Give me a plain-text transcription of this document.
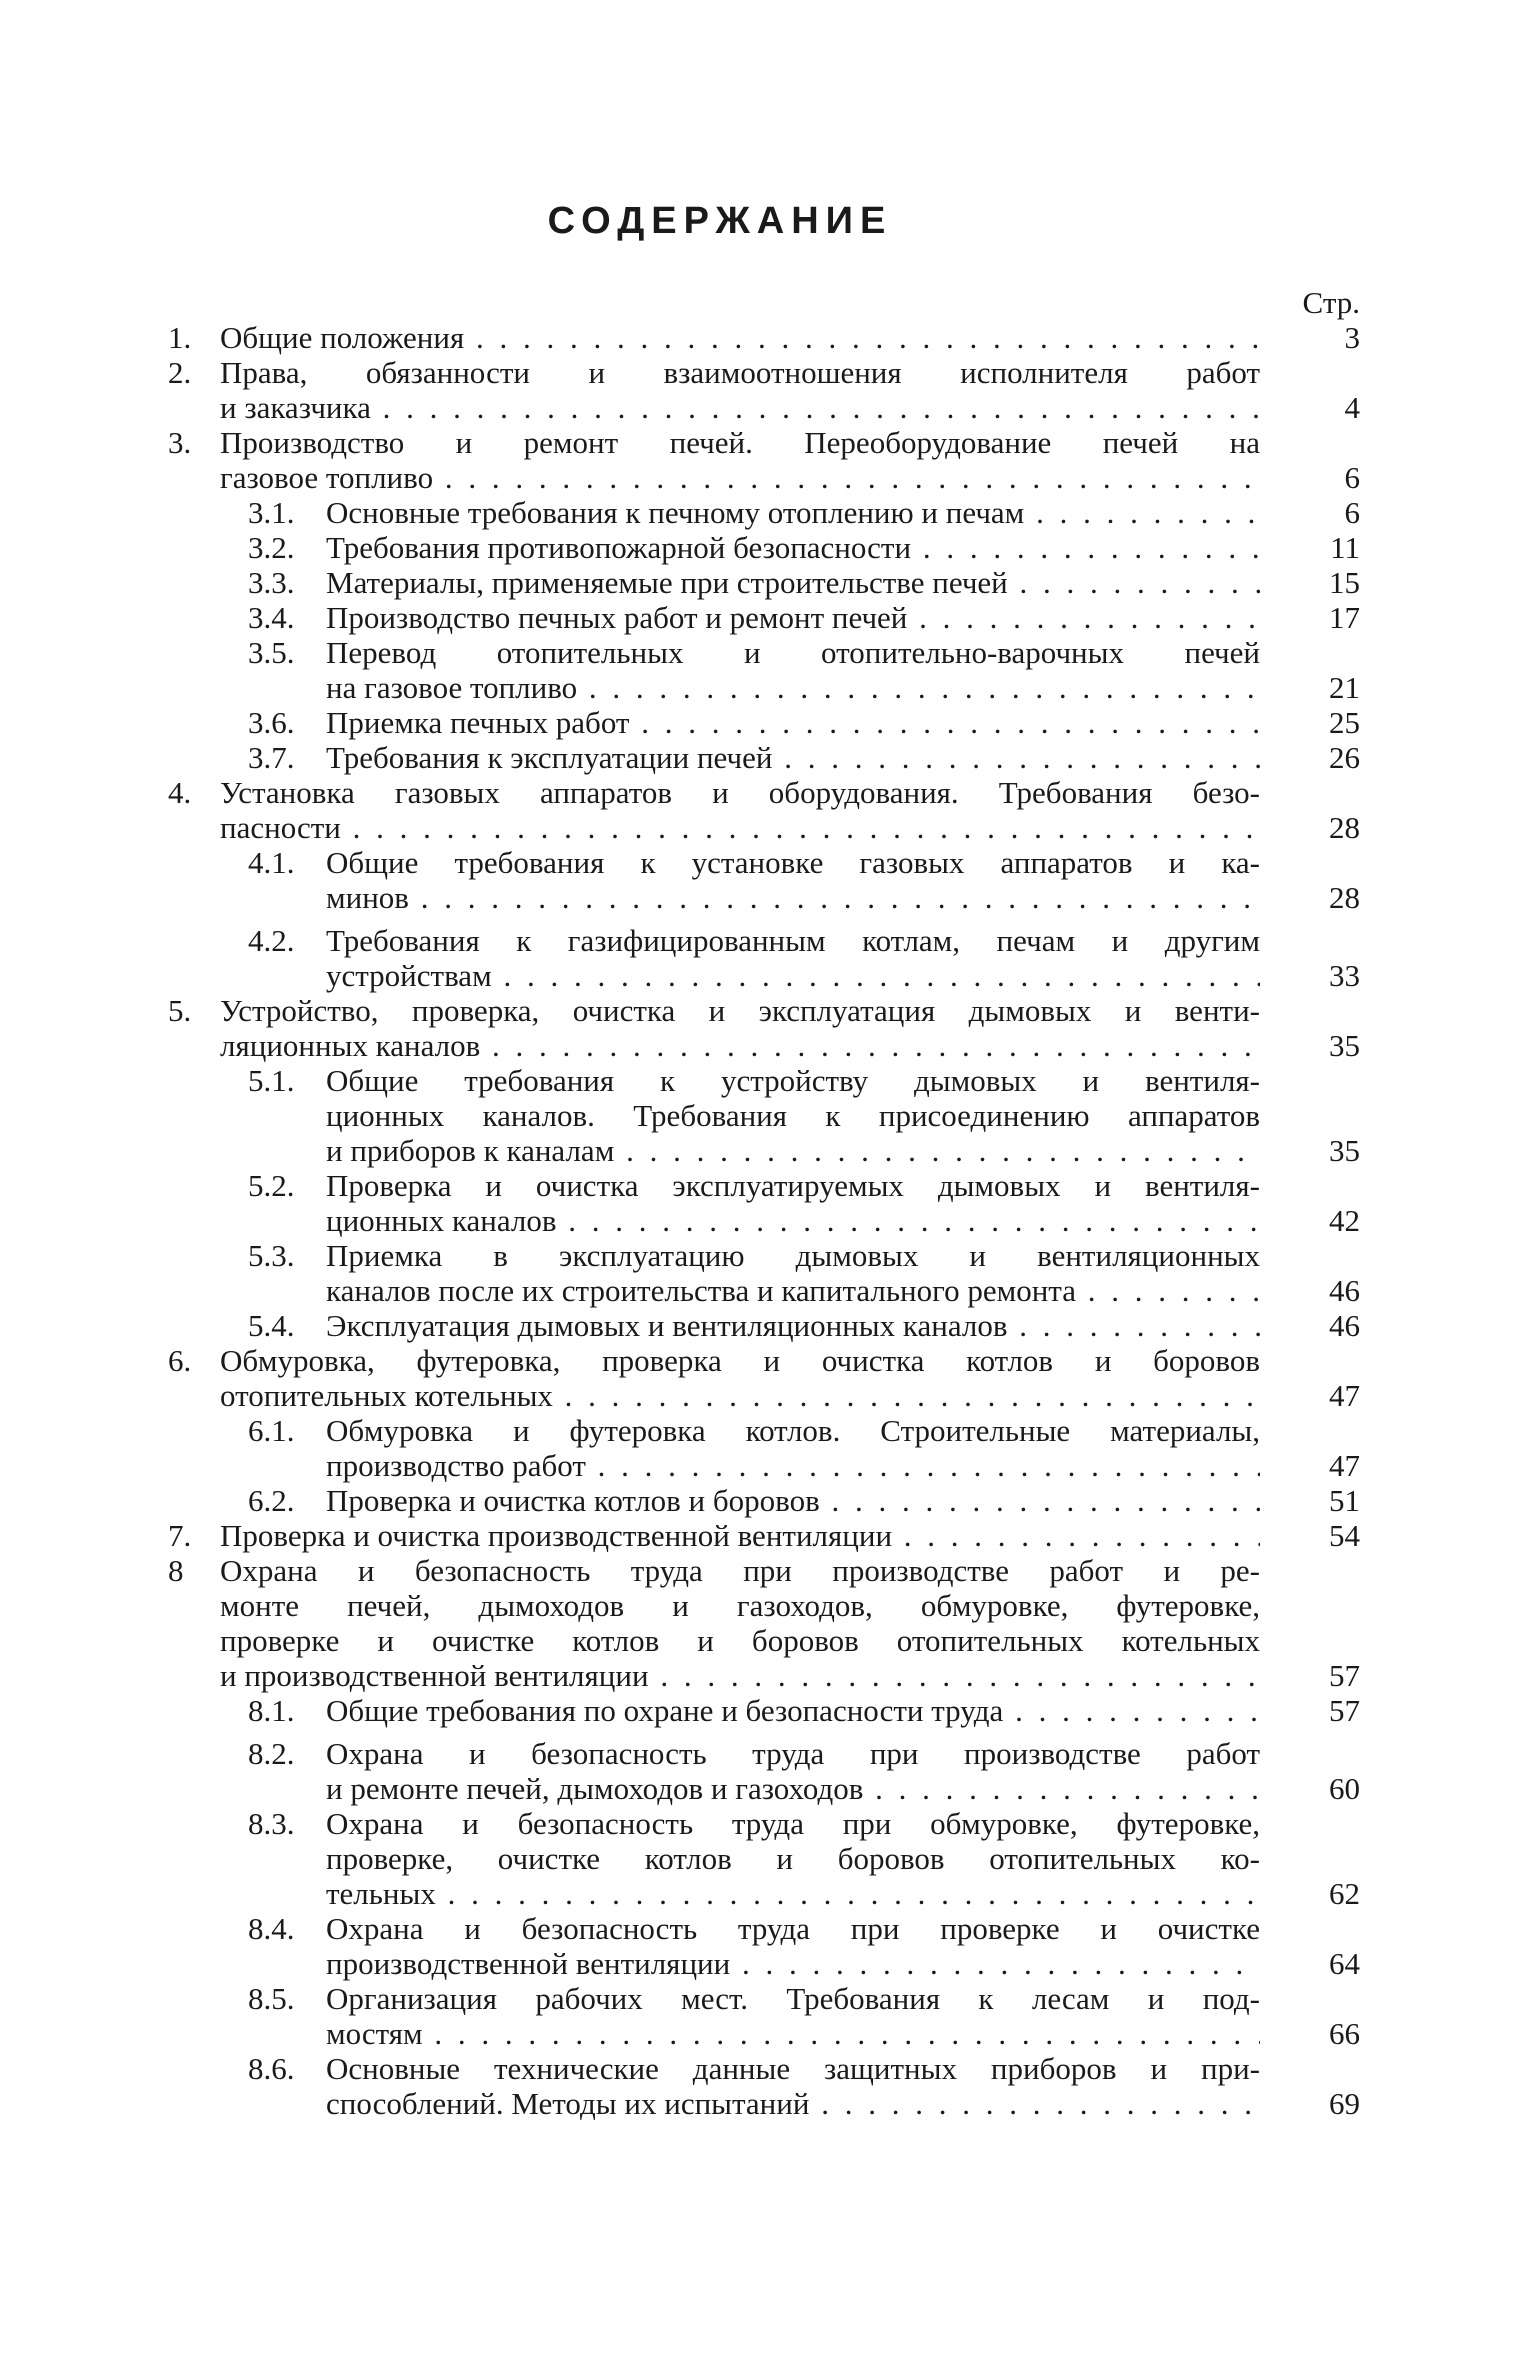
СОДЕРЖАНИЕ
Стр.
1. Общие положения . . .	3
2. Права, обязанности и взаимоотношения исполнителя работ
и заказчика . . .	4
3. Производство и ремонт печей. Переоборудование печей на
газовое топливо . . .	6
3.1.	Основные требования к печному отоплению и печам . . .	6
3.2.	Требования противопожарной безопасности . . .	11
3.3.	Материалы, применяемые при строительстве печей . . .	15
3.4.	Производство печных работ и ремонт печей . . .	17
3.5.	Перевод отопительных и отопительно-варочных печей
на газовое топливо . . .	21
3.6.	Приемка печных работ . . .	25
3.7.	Требования к эксплуатации печей . . .	26
4. Установка газовых аппаратов и оборудования. Требования безо-
пасности . . .	28
4.1.	Общие требования к установке газовых аппаратов и ка-
минов . . .	28
4.2.	Требования к газифицированным котлам, печам и другим
устройствам . . .	33
5. Устройство, проверка, очистка и эксплуатация дымовых и венти-
ляционных каналов . . .	35
5.1.	Общие требования к устройству дымовых и вентиля-
ционных каналов. Требования к присоединению аппаратов
и приборов к каналам . . .	35
5.2.	Проверка и очистка эксплуатируемых дымовых и вентиля-
ционных каналов . . .	42
5.3.	Приемка в эксплуатацию дымовых и вентиляционных
каналов после их строительства и капитального ремонта . . .	46
5.4.	Эксплуатация дымовых и вентиляционных каналов . . .	46
6. Обмуровка, футеровка, проверка и очистка котлов и боровов
отопительных котельных . . .	47
6.1.	Обмуровка и футеровка котлов. Строительные материалы,
производство работ . . .	47
6.2.	Проверка и очистка котлов и боровов . . .	51
7. Проверка и очистка производственной вентиляции . . .	54
8	Охрана и безопасность труда при производстве работ и ре-
монте печей, дымоходов и газоходов, обмуровке, футеровке,
проверке и очистке котлов и боровов отопительных котельных
и производственной вентиляции . . .	57
8.1.	Общие требования по охране и безопасности труда . . .	57
8.2.	Охрана и безопасность труда при производстве работ
и ремонте печей, дымоходов и газоходов . . .	60
8.3.	Охрана и безопасность труда при обмуровке, футеровке,
проверке, очистке котлов и боровов отопительных ко-
тельных . . .	62
8.4.	Охрана и безопасность труда при проверке и очистке
производственной вентиляции . . .	64
8.5.	Организация рабочих мест. Требования к лесам и под-
мостям . . .	66
8.6.	Основные технические данные защитных приборов и при-
способлений. Методы их испытаний . . .	69
